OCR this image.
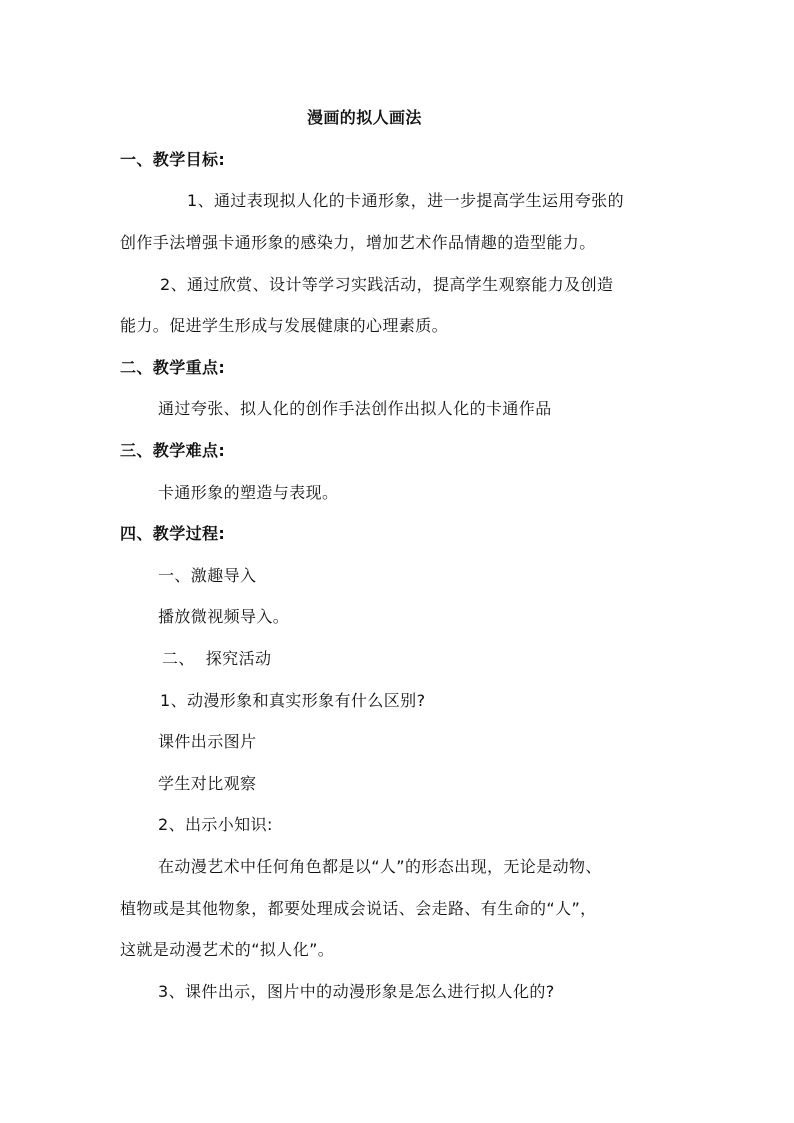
漫画的拟人画法
一、教学目标:
1、通过表现拟人化的卡通形象，进一步提高学生运用夸张的
创作手法增强卡通形象的感染力，增加艺术作品情趣的造型能力。
2、通过欣赏、设计等学习实践活动，提高学生观察能力及创造
能力。促进学生形成与发展健康的心理素质。
二、教学重点:
通过夸张、拟人化的创作手法创作出拟人化的卡通作品
三、教学难点:
卡通形象的塑造与表现。
四、教学过程:
一、激趣导入
播放微视频导入。
二、  探究活动
1、动漫形象和真实形象有什么区别?
课件出示图片
学生对比观察
2、出示小知识:
在动漫艺术中任何角色都是以“人”的形态出现，无论是动物、
植物或是其他物象，都要处理成会说话、会走路、有生命的“人”，
这就是动漫艺术的“拟人化”。
3、课件出示，图片中的动漫形象是怎么进行拟人化的?
